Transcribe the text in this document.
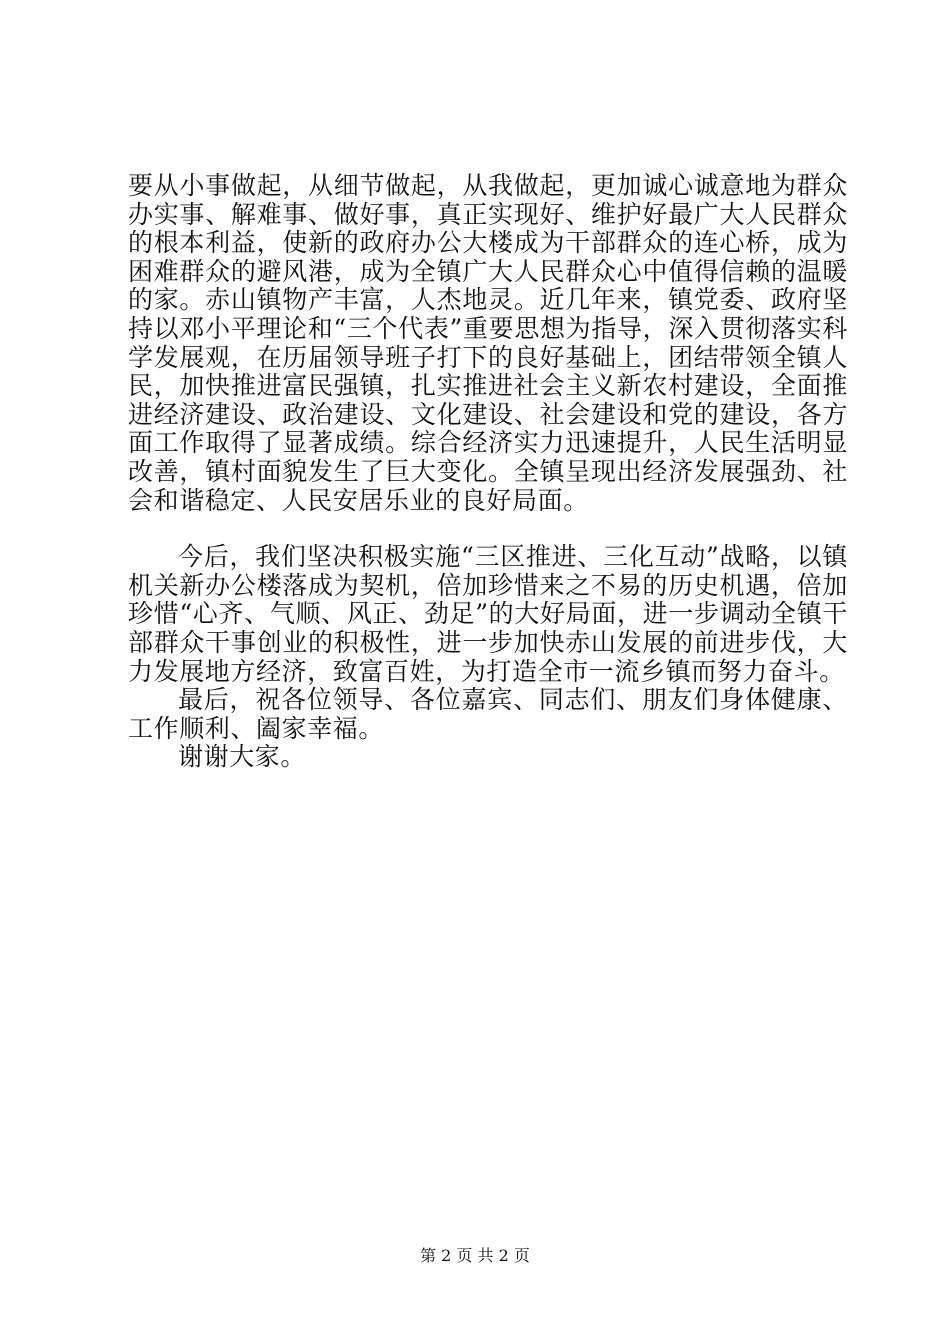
要从小事做起，从细节做起，从我做起，更加诚心诚意地为群众办实事、解难事、做好事，真正实现好、维护好最广大人民群众的根本利益，使新的政府办公大楼成为干部群众的连心桥，成为困难群众的避风港，成为全镇广大人民群众心中值得信赖的温暖的家。赤山镇物产丰富，人杰地灵。近几年来，镇党委、政府坚持以邓小平理论和“三个代表”重要思想为指导，深入贯彻落实科学发展观，在历届领导班子打下的良好基础上，团结带领全镇人民，加快推进富民强镇，扎实推进社会主义新农村建设，全面推进经济建设、政治建设、文化建设、社会建设和党的建设，各方面工作取得了显著成绩。综合经济实力迅速提升，人民生活明显改善，镇村面貌发生了巨大变化。全镇呈现出经济发展强劲、社会和谐稳定、人民安居乐业的良好局面。

今后，我们坚决积极实施“三区推进、三化互动”战略，以镇机关新办公楼落成为契机，倍加珍惜来之不易的历史机遇，倍加珍惜“心齐、气顺、风正、劲足”的大好局面，进一步调动全镇干部群众干事创业的积极性，进一步加快赤山发展的前进步伐，大力发展地方经济，致富百姓，为打造全市一流乡镇而努力奋斗。

最后，祝各位领导、各位嘉宾、同志们、朋友们身体健康、工作顺利、阖家幸福。

谢谢大家。

第 2 页 共 2 页
